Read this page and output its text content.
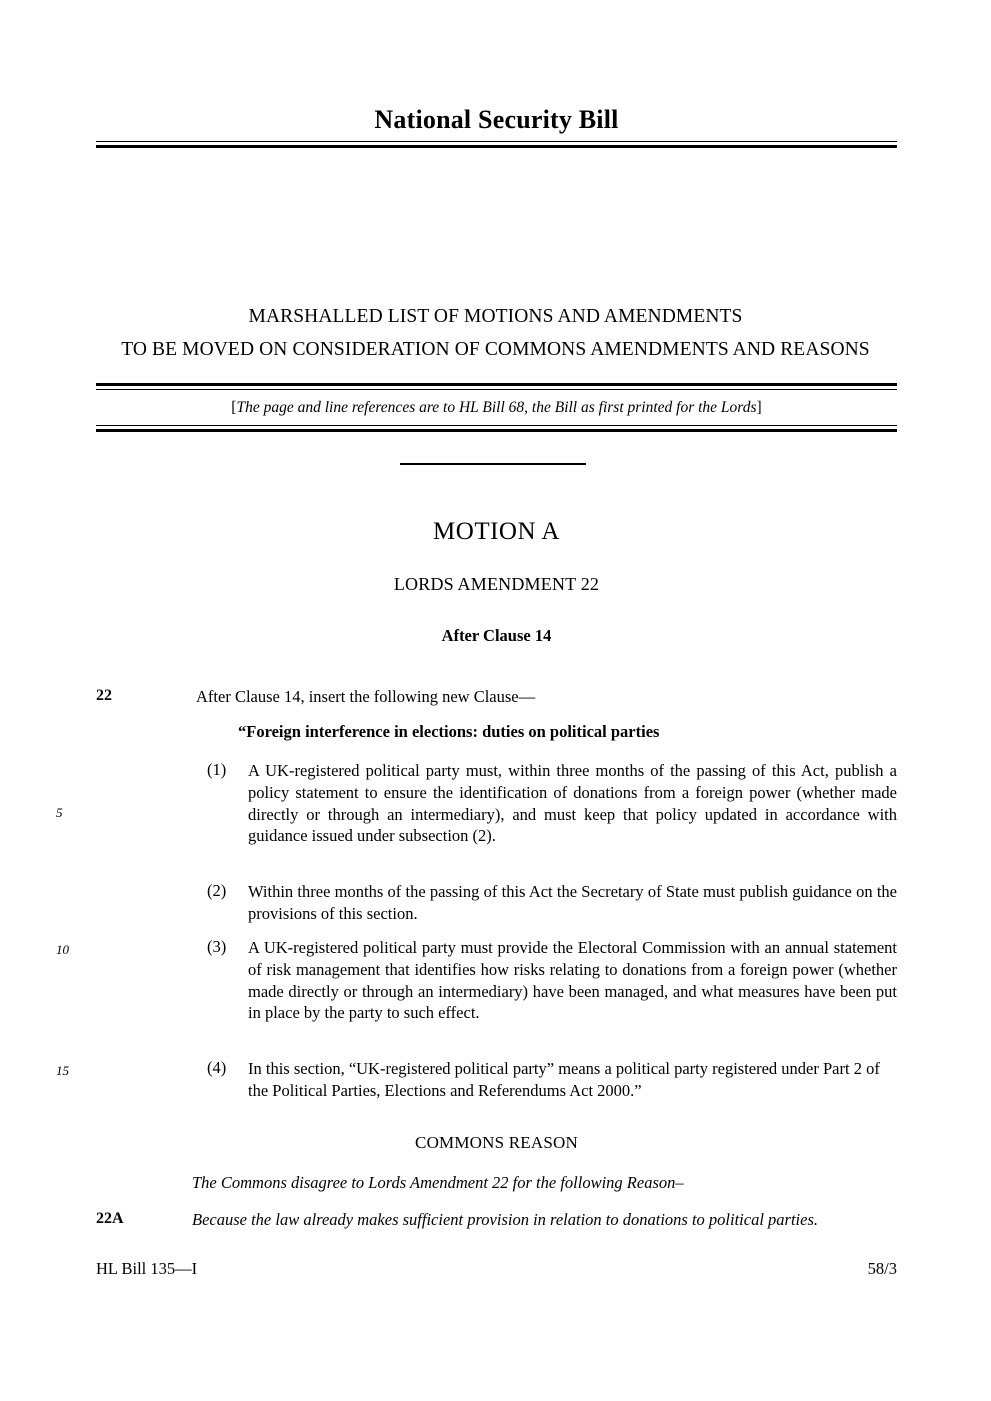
National Security Bill
MARSHALLED LIST OF MOTIONS AND AMENDMENTS
TO BE MOVED ON CONSIDERATION OF COMMONS AMENDMENTS AND REASONS
[The page and line references are to HL Bill 68, the Bill as first printed for the Lords]
MOTION A
LORDS AMENDMENT 22
After Clause 14
22	After Clause 14, insert the following new Clause—
“Foreign interference in elections: duties on political parties
(1)	A UK-registered political party must, within three months of the passing of this Act, publish a policy statement to ensure the identification of donations from a foreign power (whether made directly or through an intermediary), and must keep that policy updated in accordance with guidance issued under subsection (2).
(2)	Within three months of the passing of this Act the Secretary of State must publish guidance on the provisions of this section.
(3)	A UK-registered political party must provide the Electoral Commission with an annual statement of risk management that identifies how risks relating to donations from a foreign power (whether made directly or through an intermediary) have been managed, and what measures have been put in place by the party to such effect.
(4)	In this section, “UK-registered political party” means a political party registered under Part 2 of the Political Parties, Elections and Referendums Act 2000.”
5
10
15
COMMONS REASON
The Commons disagree to Lords Amendment 22 for the following Reason–
22A	Because the law already makes sufficient provision in relation to donations to political parties.
HL Bill 135—I	58/3
